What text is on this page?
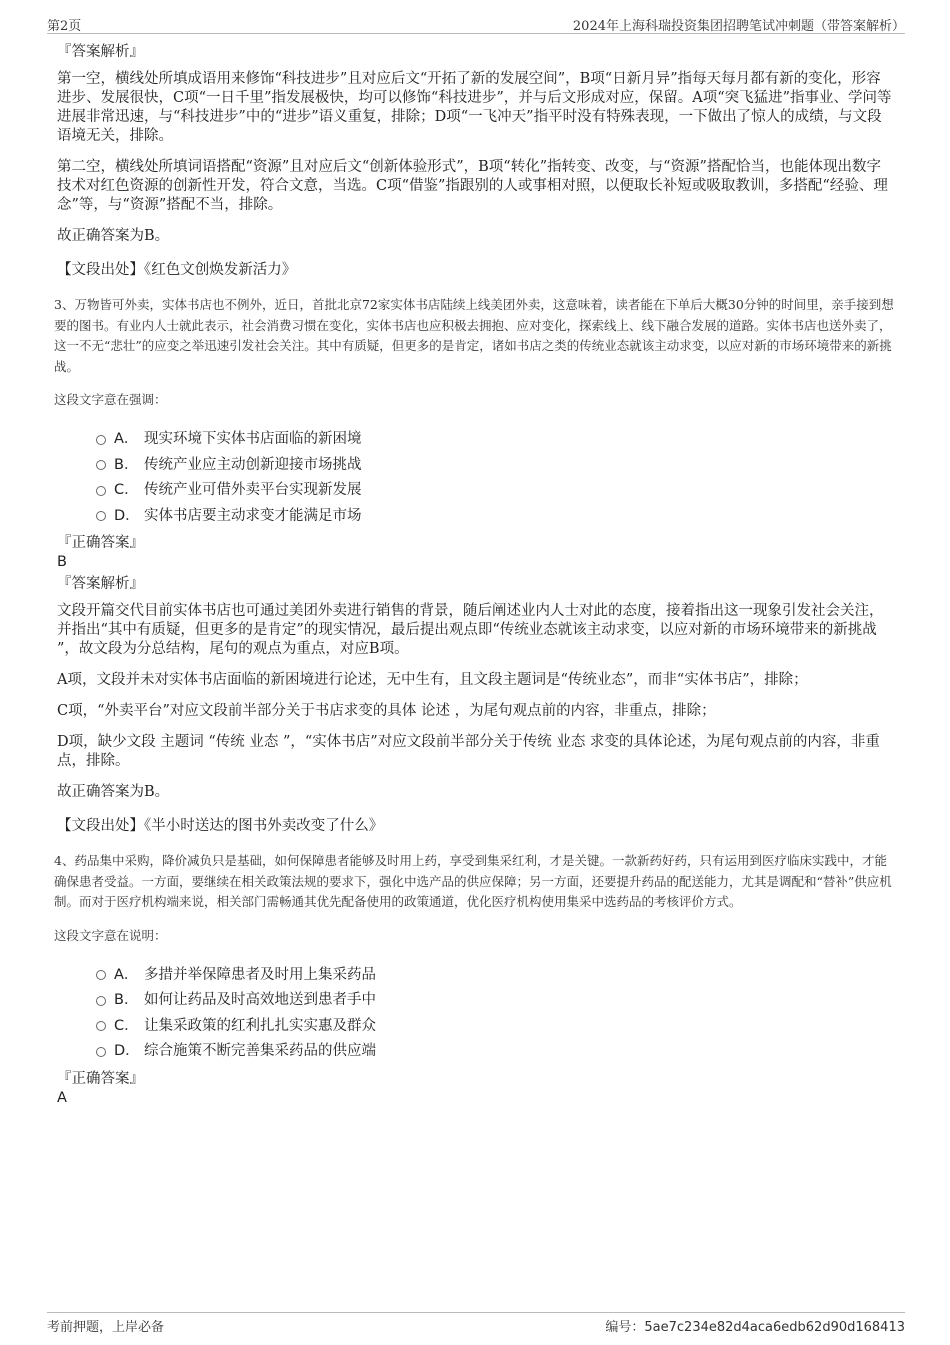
第2页	2024年上海科瑞投资集团招聘笔试冲刺题（带答案解析）
『答案解析』
第一空，横线处所填成语用来修饰“科技进步”且对应后文“开拓了新的发展空间”，B项“日新月异”指每天每月都有新的变化，形容进步、发展很快，C项“一日千里”指发展极快，均可以修饰“科技进步”，并与后文形成对应，保留。A项“突飞猛进”指事业、学问等进展非常迅速，与“科技进步”中的“进步”语义重复，排除；D项“一飞冲天”指平时没有特殊表现，一下做出了惊人的成绩，与文段语境无关，排除。
第二空，横线处所填词语搭配“资源”且对应后文“创新体验形式”，B项“转化”指转变、改变，与“资源”搭配恰当，也能体现出数字技术对红色资源的创新性开发，符合文意，当选。C项“借鉴”指跟别的人或事相对照，以便取长补短或吸取教训，多搭配“经验、理念”等，与“资源”搭配不当，排除。
故正确答案为B。
【文段出处】《红色文创焕发新活力》
3、万物皆可外卖，实体书店也不例外，近日，首批北京72家实体书店陆续上线美团外卖，这意味着，读者能在下单后大概30分钟的时间里，亲手接到想要的图书。有业内人士就此表示，社会消费习惯在变化，实体书店也应积极去拥抱、应对变化，探索线上、线下融合发展的道路。实体书店也送外卖了，这一不无“悲壮”的应变之举迅速引发社会关注。其中有质疑，但更多的是肯定，诸如书店之类的传统业态就该主动求变，以应对新的市场环境带来的新挑战。
这段文字意在强调：
A． 现实环境下实体书店面临的新困境
B． 传统产业应主动创新迎接市场挑战
C． 传统产业可借外卖平台实现新发展
D． 实体书店要主动求变才能满足市场
『正确答案』
B
『答案解析』
文段开篇交代目前实体书店也可通过美团外卖进行销售的背景，随后阐述业内人士对此的态度，接着指出这一现象引发社会关注，并指出“其中有质疑，但更多的是肯定”的现实情况，最后提出观点即“传统业态就该主动求变，以应对新的市场环境带来的新挑战 ”，故文段为分总结构，尾句的观点为重点，对应B项。
A项，文段并未对实体书店面临的新困境进行论述，无中生有，且文段主题词是“传统业态”，而非“实体书店”，排除；
C项，“外卖平台”对应文段前半部分关于书店求变的具体 论述 ，为尾句观点前的内容，非重点，排除；
D项，缺少文段 主题词 “传统 业态 ”，“实体书店”对应文段前半部分关于传统 业态 求变的具体论述，为尾句观点前的内容，非重点，排除。
故正确答案为B。
【文段出处】《半小时送达的图书外卖改变了什么》
4、药品集中采购，降价减负只是基础，如何保障患者能够及时用上药，享受到集采红利，才是关键。一款新药好药，只有运用到医疗临床实践中，才能确保患者受益。一方面，要继续在相关政策法规的要求下，强化中选产品的供应保障；另一方面，还要提升药品的配送能力，尤其是调配和“替补”供应机制。而对于医疗机构端来说，相关部门需畅通其优先配备使用的政策通道，优化医疗机构使用集采中选药品的考核评价方式。
这段文字意在说明：
A． 多措并举保障患者及时用上集采药品
B． 如何让药品及时高效地送到患者手中
C． 让集采政策的红利扎扎实实惠及群众
D． 综合施策不断完善集采药品的供应端
『正确答案』
A
考前押题，上岸必备	编号：5ae7c234e82d4aca6edb62d90d168413
